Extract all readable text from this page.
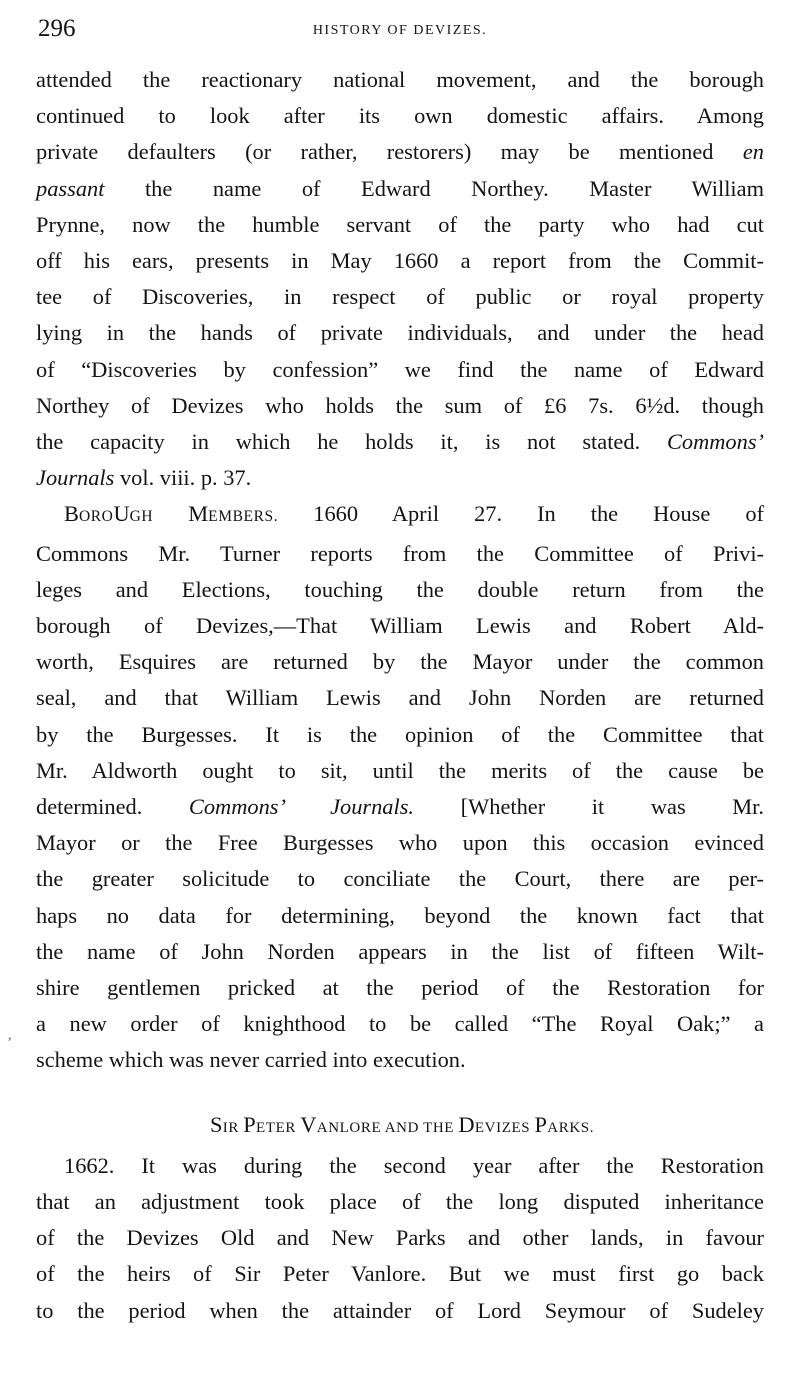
296	HISTORY OF DEVIZES.
attended the reactionary national movement, and the borough
continued to look after its own domestic affairs. Among
private defaulters (or rather, restorers) may be mentioned en
passant the name of Edward Northey. Master William
Prynne, now the humble servant of the party who had cut
off his ears, presents in May 1660 a report from the Commit-
tee of Discoveries, in respect of public or royal property
lying in the hands of private individuals, and under the head
of “Discoveries by confession” we find the name of Edward
Northey of Devizes who holds the sum of £6 7s. 6½d. though
the capacity in which he holds it, is not stated. Commons’
Journals vol. viii. p. 37.
BOROUGH MEMBERS. 1660 April 27. In the House of
Commons Mr. Turner reports from the Committee of Privi-
leges and Elections, touching the double return from the
borough of Devizes,—That William Lewis and Robert Ald-
worth, Esquires are returned by the Mayor under the common
seal, and that William Lewis and John Norden are returned
by the Burgesses. It is the opinion of the Committee that
Mr. Aldworth ought to sit, until the merits of the cause be
determined. Commons’ Journals. [Whether it was Mr.
Mayor or the Free Burgesses who upon this occasion evinced
the greater solicitude to conciliate the Court, there are per-
haps no data for determining, beyond the known fact that
the name of John Norden appears in the list of fifteen Wilt-
shire gentlemen pricked at the period of the Restoration for
a new order of knighthood to be called “The Royal Oak;” a
scheme which was never carried into execution.
SIR PETER VANLORE AND THE DEVIZES PARKS.
1662. It was during the second year after the Restoration
that an adjustment took place of the long disputed inheritance
of the Devizes Old and New Parks and other lands, in favour
of the heirs of Sir Peter Vanlore. But we must first go back
to the period when the attainder of Lord Seymour of Sudeley
,
